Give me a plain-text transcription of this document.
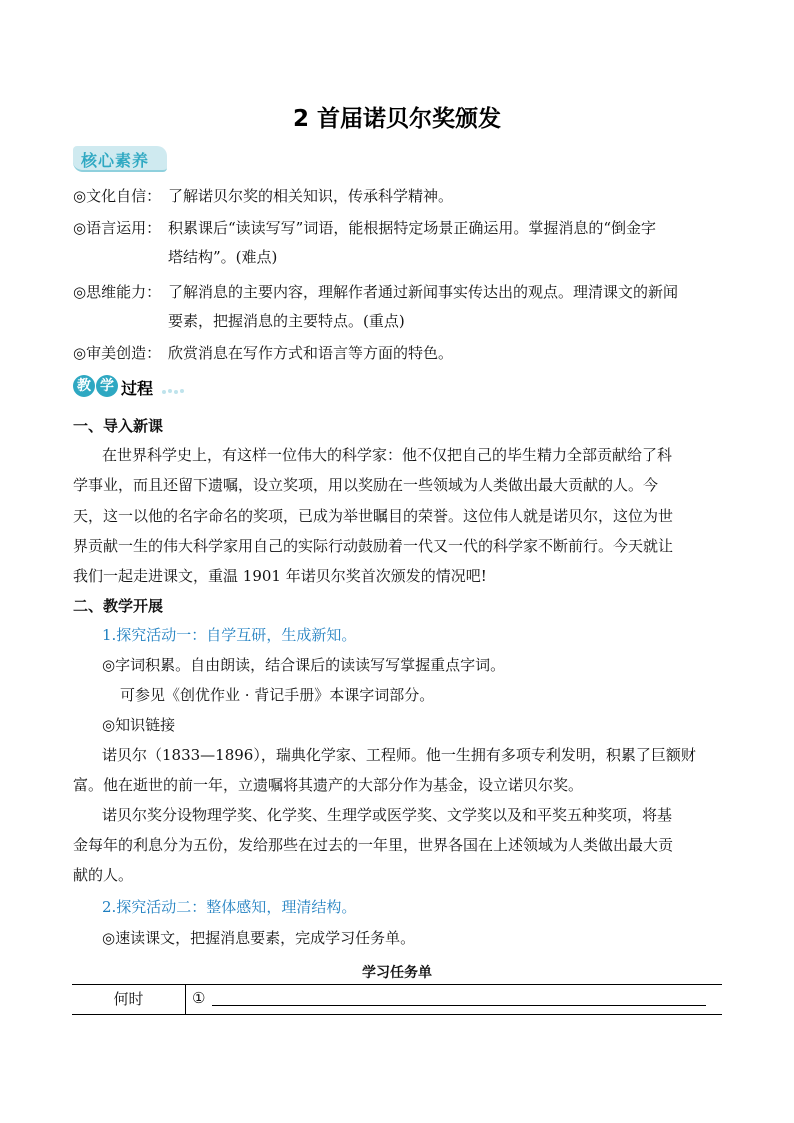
2 首届诺贝尔奖颁发
核心素养
◎文化自信： 了解诺贝尔奖的相关知识，传承科学精神。
◎语言运用： 积累课后“读读写写”词语，能根据特定场景正确运用。掌握消息的“倒金字
塔结构”。(难点)
◎思维能力： 了解消息的主要内容，理解作者通过新闻事实传达出的观点。理清课文的新闻
要素，把握消息的主要特点。(重点)
◎审美创造： 欣赏消息在写作方式和语言等方面的特色。
教 学 过程
一、导入新课
在世界科学史上，有这样一位伟大的科学家：他不仅把自己的毕生精力全部贡献给了科
学事业，而且还留下遗嘱，设立奖项，用以奖励在一些领域为人类做出最大贡献的人。今
天，这一以他的名字命名的奖项，已成为举世瞩目的荣誉。这位伟人就是诺贝尔，这位为世
界贡献一生的伟大科学家用自己的实际行动鼓励着一代又一代的科学家不断前行。今天就让
我们一起走进课文，重温 1901 年诺贝尔奖首次颁发的情况吧!
二、教学开展
1.探究活动一：自学互研，生成新知。
◎字词积累。自由朗读，结合课后的读读写写掌握重点字词。
可参见《创优作业 · 背记手册》本课字词部分。
◎知识链接
诺贝尔（1833—1896），瑞典化学家、工程师。他一生拥有多项专利发明，积累了巨额财
富。他在逝世的前一年，立遗嘱将其遗产的大部分作为基金，设立诺贝尔奖。
诺贝尔奖分设物理学奖、化学奖、生理学或医学奖、文学奖以及和平奖五种奖项，将基
金每年的利息分为五份，发给那些在过去的一年里，世界各国在上述领域为人类做出最大贡
献的人。
2.探究活动二：整体感知，理清结构。
◎速读课文，把握消息要素，完成学习任务单。
学习任务单
何时	①
